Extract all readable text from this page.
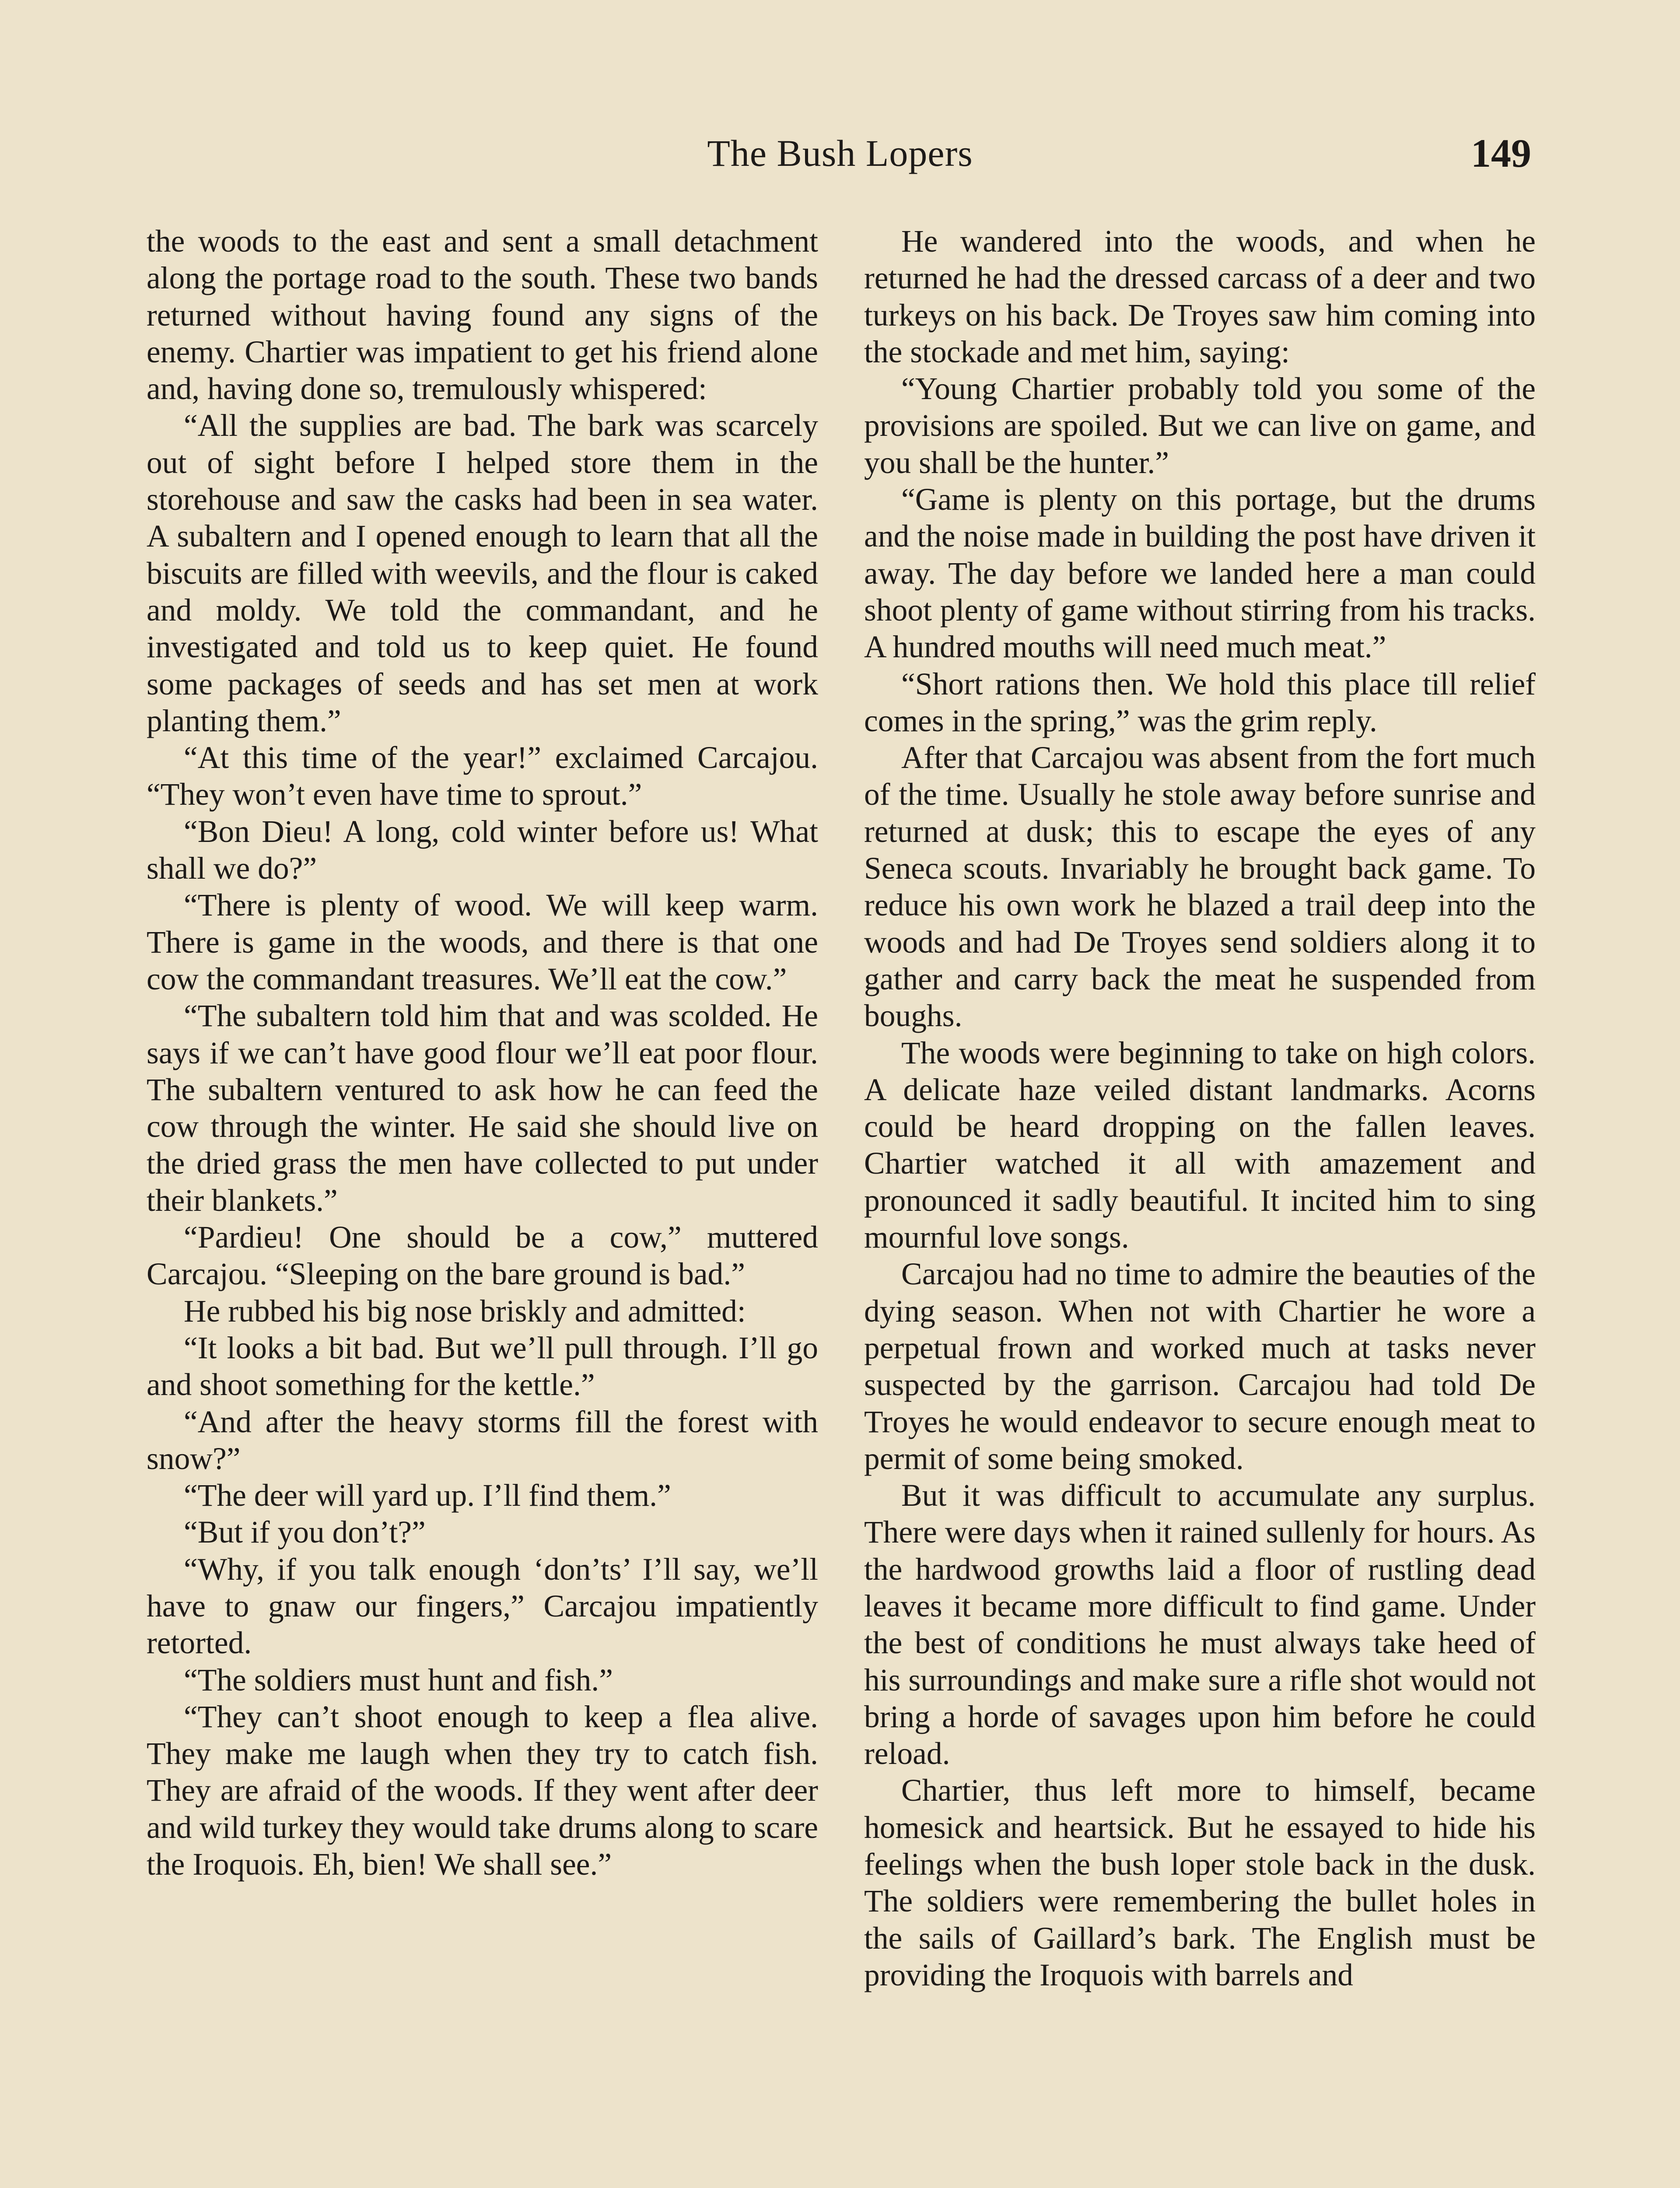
The Bush Lopers	149

the woods to the east and sent a small detachment along the portage road to the south. These two bands returned without having found any signs of the enemy. Chartier was impatient to get his friend alone and, having done so, tremulously whispered:

“All the supplies are bad. The bark was scarcely out of sight before I helped store them in the storehouse and saw the casks had been in sea water. A subaltern and I opened enough to learn that all the biscuits are filled with weevils, and the flour is caked and moldy. We told the commandant, and he investigated and told us to keep quiet. He found some packages of seeds and has set men at work planting them.”

“At this time of the year!” exclaimed Carcajou. “They won’t even have time to sprout.”

“Bon Dieu! A long, cold winter before us! What shall we do?”

“There is plenty of wood. We will keep warm. There is game in the woods, and there is that one cow the commandant treasures. We’ll eat the cow.”

“The subaltern told him that and was scolded. He says if we can’t have good flour we’ll eat poor flour. The subaltern ventured to ask how he can feed the cow through the winter. He said she should live on the dried grass the men have collected to put under their blankets.”

“Pardieu! One should be a cow,” muttered Carcajou. “Sleeping on the bare ground is bad.”

He rubbed his big nose briskly and admitted:

“It looks a bit bad. But we’ll pull through. I’ll go and shoot something for the kettle.”

“And after the heavy storms fill the forest with snow?”

“The deer will yard up. I’ll find them.”

“But if you don’t?”

“Why, if you talk enough ‘don’ts’ I’ll say, we’ll have to gnaw our fingers,” Carcajou impatiently retorted.

“The soldiers must hunt and fish.”

“They can’t shoot enough to keep a flea alive. They make me laugh when they try to catch fish. They are afraid of the woods. If they went after deer and wild turkey they would take drums along to scare the Iroquois. Eh, bien! We shall see.”

He wandered into the woods, and when he returned he had the dressed carcass of a deer and two turkeys on his back. De Troyes saw him coming into the stockade and met him, saying:

“Young Chartier probably told you some of the provisions are spoiled. But we can live on game, and you shall be the hunter.”

“Game is plenty on this portage, but the drums and the noise made in building the post have driven it away. The day before we landed here a man could shoot plenty of game without stirring from his tracks. A hundred mouths will need much meat.”

“Short rations then. We hold this place till relief comes in the spring,” was the grim reply.

After that Carcajou was absent from the fort much of the time. Usually he stole away before sunrise and returned at dusk; this to escape the eyes of any Seneca scouts. Invariably he brought back game. To reduce his own work he blazed a trail deep into the woods and had De Troyes send soldiers along it to gather and carry back the meat he suspended from boughs.

The woods were beginning to take on high colors. A delicate haze veiled distant landmarks. Acorns could be heard dropping on the fallen leaves. Chartier watched it all with amazement and pronounced it sadly beautiful. It incited him to sing mournful love songs.

Carcajou had no time to admire the beauties of the dying season. When not with Chartier he wore a perpetual frown and worked much at tasks never suspected by the garrison. Carcajou had told De Troyes he would endeavor to secure enough meat to permit of some being smoked.

But it was difficult to accumulate any surplus. There were days when it rained sullenly for hours. As the hardwood growths laid a floor of rustling dead leaves it became more difficult to find game. Under the best of conditions he must always take heed of his surroundings and make sure a rifle shot would not bring a horde of savages upon him before he could reload.

Chartier, thus left more to himself, became homesick and heartsick. But he essayed to hide his feelings when the bush loper stole back in the dusk. The soldiers were remembering the bullet holes in the sails of Gaillard’s bark. The English must be providing the Iroquois with barrels and
